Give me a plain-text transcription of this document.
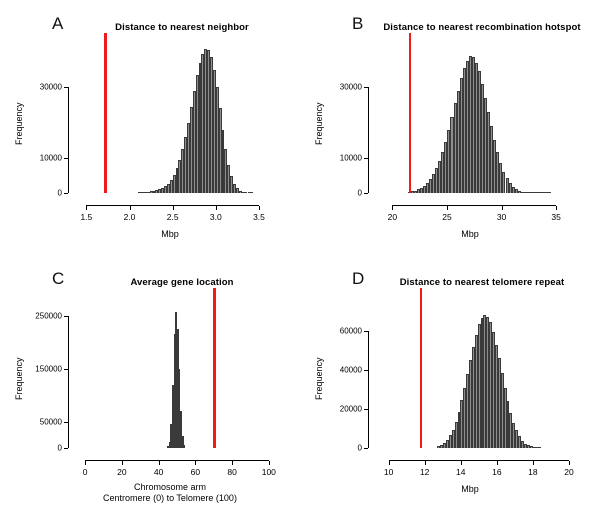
A	Distance to nearest neighbor
0
10000
30000
1.5	2.0	2.5	3.0	3.5
Frequency
Mbp
B	Distance to nearest recombination hotspot
0
10000
30000
20	25	30	35
Frequency
Mbp
C	Average gene location
0
50000
150000
250000
0	20	40	60	80	100
Frequency
Chromosome arm
Centromere (0) to Telomere (100)
D	Distance to nearest telomere repeat
0
20000
40000
60000
10	12	14	16	18	20
Frequency
Mbp
